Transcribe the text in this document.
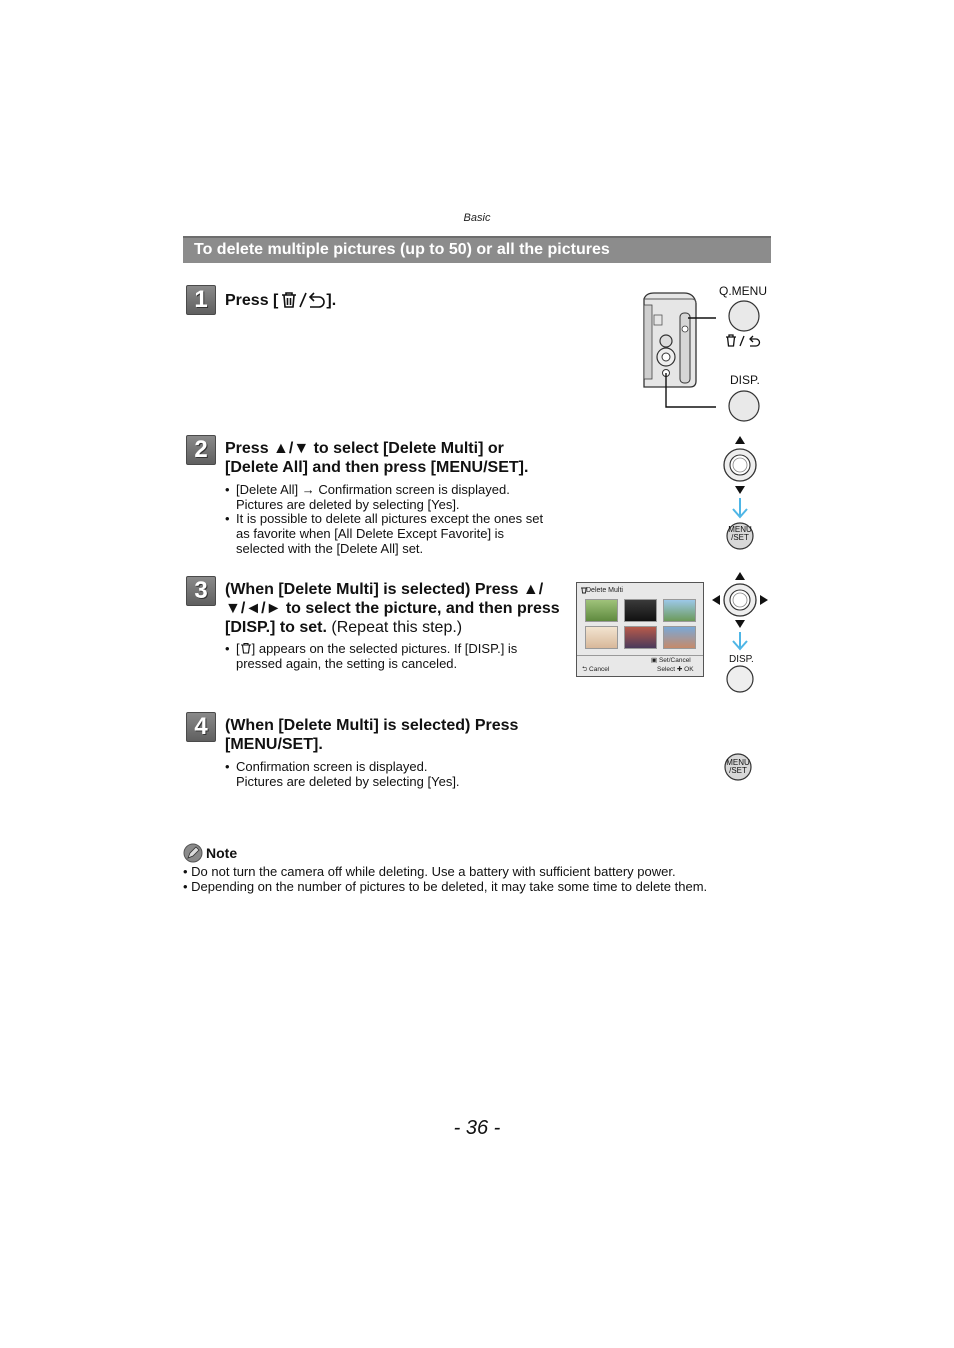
Basic
To delete multiple pictures (up to 50) or all the pictures
1	Press [	].
Q.MENU
DISP.
2	Press ▲/▼ to select [Delete Multi] or
[Delete All] and then press [MENU/SET].
• [Delete All] → Confirmation screen is displayed.
Pictures are deleted by selecting [Yes].
• It is possible to delete all pictures except the ones set
as favorite when [All Delete Except Favorite] is
selected with the [Delete All] set.
MENU
/SET
3	(When [Delete Multi] is selected) Press ▲/
▼/◄/► to select the picture, and then press
[DISP.] to set. (Repeat this step.)
• [ ] appears on the selected pictures. If [DISP.] is
pressed again, the setting is canceled.
Delete Multi
⮌ Cancel
▣ Set/Cancel
Select ✚ OK
DISP.
4	(When [Delete Multi] is selected) Press
[MENU/SET].
• Confirmation screen is displayed.
Pictures are deleted by selecting [Yes].
MENU
/SET
Note
• Do not turn the camera off while deleting. Use a battery with sufficient battery power.
• Depending on the number of pictures to be deleted, it may take some time to delete them.
- 36 -
